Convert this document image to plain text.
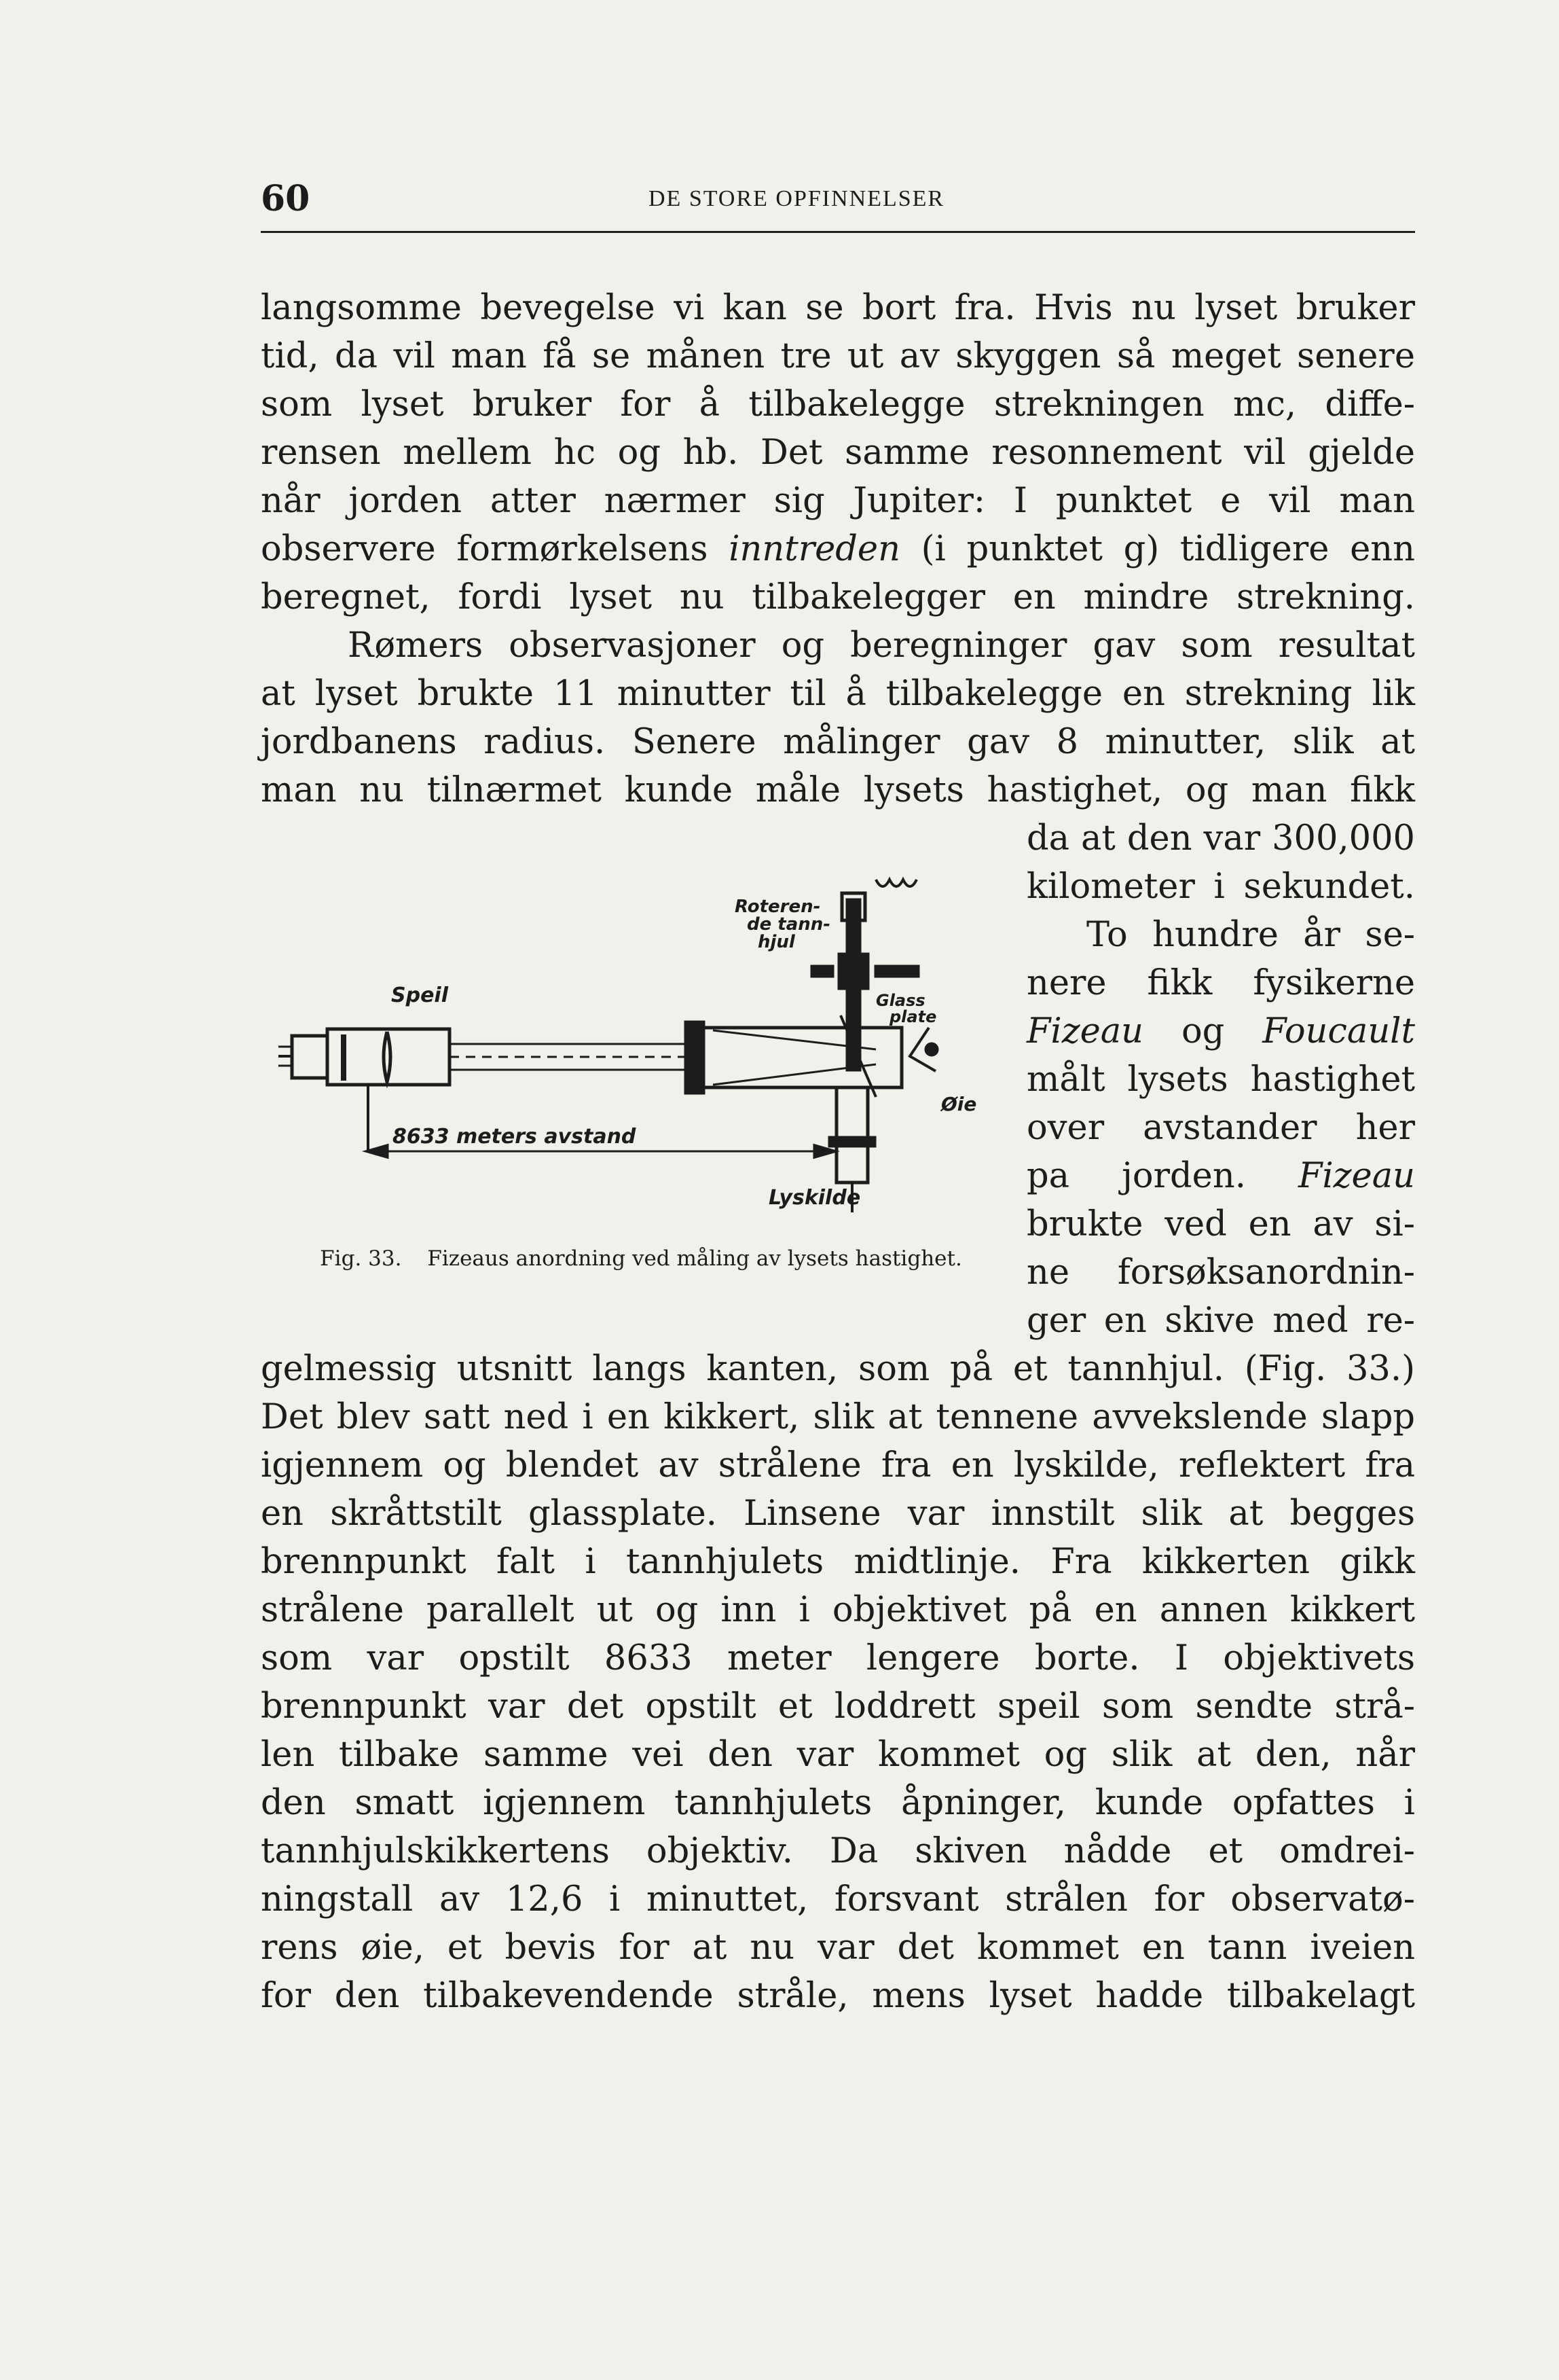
60	DE STORE OPFINNELSER
langsomme bevegelse vi kan se bort fra. Hvis nu lyset bruker
tid, da vil man få se månen tre ut av skyggen så meget senere
som lyset bruker for å tilbakelegge strekningen mc, diffe-
rensen mellem hc og hb. Det samme resonnement vil gjelde
når jorden atter nærmer sig Jupiter: I punktet e vil man
observere formørkelsens inntreden (i punktet g) tidligere enn
beregnet, fordi lyset nu tilbakelegger en mindre strekning.
Rømers observasjoner og beregninger gav som resultat
at lyset brukte 11 minutter til å tilbakelegge en strekning lik
jordbanens radius. Senere målinger gav 8 minutter, slik at
man nu tilnærmet kunde måle lysets hastighet, og man fikk
da at den var 300,000
kilometer i sekundet.
To hundre år se-
nere fikk fysikerne
Fizeau og Foucault
målt lysets hastighet
over avstander her
pa jorden. Fizeau
brukte ved en av si-
ne forsøksanordnin-
ger en skive med re-
Roteren-
de tann-
hjul
Speil	Glass
plate
Øie
8633 meters avstand
Lyskilde
Fig. 33. Fizeaus anordning ved måling av lysets hastighet.
gelmessig utsnitt langs kanten, som på et tannhjul. (Fig. 33.)
Det blev satt ned i en kikkert, slik at tennene avvekslende slapp
igjennem og blendet av strålene fra en lyskilde, reflektert fra
en skråttstilt glassplate. Linsene var innstilt slik at begges
brennpunkt falt i tannhjulets midtlinje. Fra kikkerten gikk
strålene parallelt ut og inn i objektivet på en annen kikkert
som var opstilt 8633 meter lengere borte. I objektivets
brennpunkt var det opstilt et loddrett speil som sendte strå-
len tilbake samme vei den var kommet og slik at den, når
den smatt igjennem tannhjulets åpninger, kunde opfattes i
tannhjulskikkertens objektiv. Da skiven nådde et omdrei-
ningstall av 12,6 i minuttet, forsvant strålen for observatø-
rens øie, et bevis for at nu var det kommet en tann iveien
for den tilbakevendende stråle, mens lyset hadde tilbakelagt
